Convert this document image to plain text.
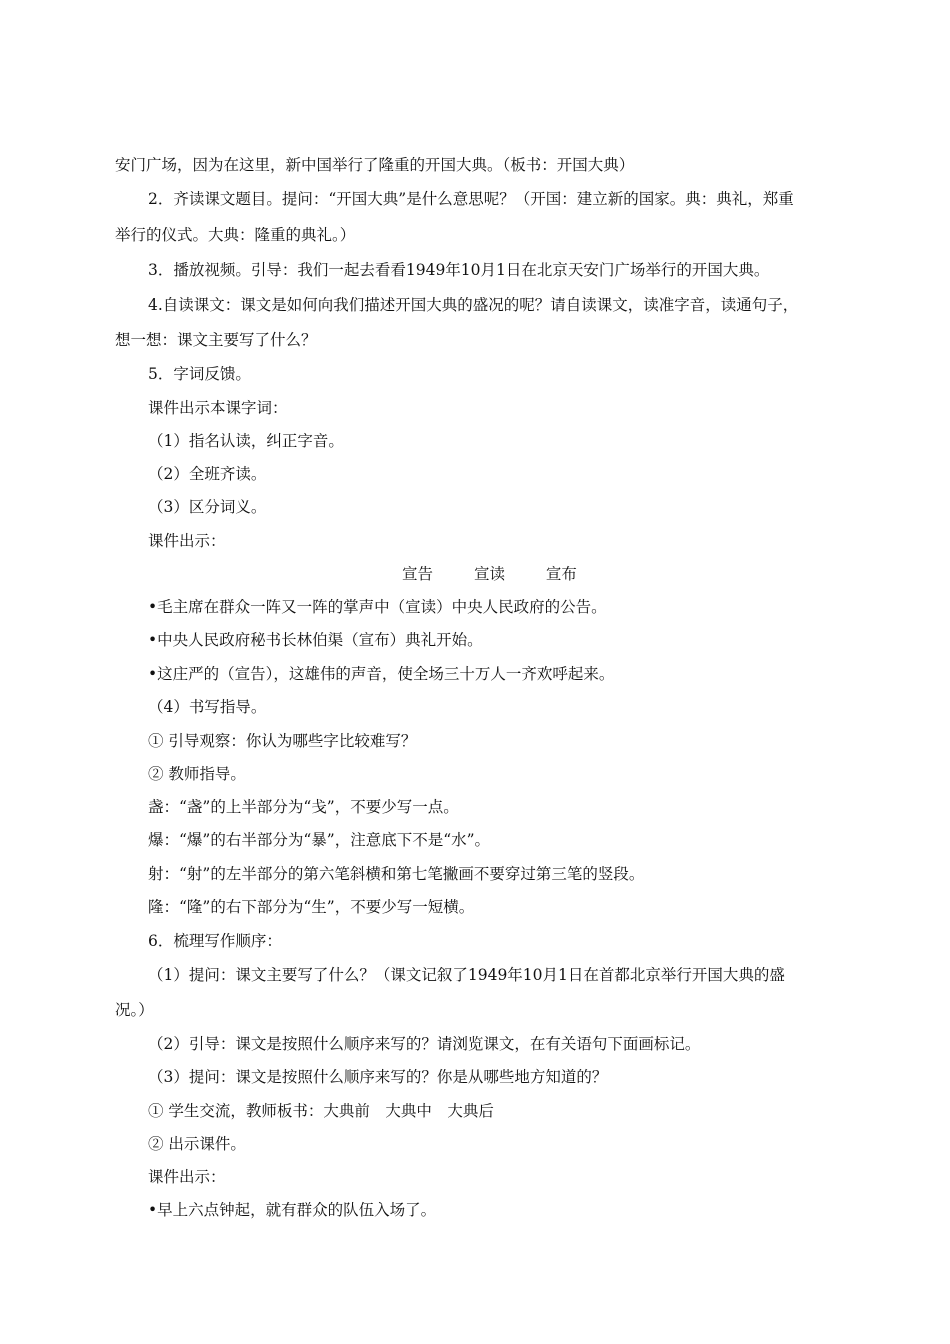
安门广场，因为在这里，新中国举行了隆重的开国大典。（板书：开国大典）
2．齐读课文题目。提问：“开国大典”是什么意思呢？（开国：建立新的国家。典：典礼，郑重
举行的仪式。大典：隆重的典礼。）
3．播放视频。引导：我们一起去看看1949年10月1日在北京天安门广场举行的开国大典。
4.自读课文：课文是如何向我们描述开国大典的盛况的呢？请自读课文，读准字音，读通句子，
想一想：课文主要写了什么？
5．字词反馈。
课件出示本课字词：
（1）指名认读，纠正字音。
（2）全班齐读。
（3）区分词义。
课件出示：
宣告	宣读	宣布
•毛主席在群众一阵又一阵的掌声中（宣读）中央人民政府的公告。
•中央人民政府秘书长林伯渠（宣布）典礼开始。
•这庄严的（宣告），这雄伟的声音，使全场三十万人一齐欢呼起来。
（4）书写指导。
① 引导观察：你认为哪些字比较难写？
② 教师指导。
盏：“盏”的上半部分为“戋”，不要少写一点。
爆：“爆”的右半部分为“暴”，注意底下不是“水”。
射：“射”的左半部分的第六笔斜横和第七笔撇画不要穿过第三笔的竖段。
隆：“隆”的右下部分为“生”，不要少写一短横。
6．梳理写作顺序：
（1）提问：课文主要写了什么？（课文记叙了1949年10月1日在首都北京举行开国大典的盛
况。）
（2）引导：课文是按照什么顺序来写的？请浏览课文，在有关语句下面画标记。
（3）提问：课文是按照什么顺序来写的？你是从哪些地方知道的？
① 学生交流，教师板书：大典前　大典中　大典后
② 出示课件。
课件出示：
•早上六点钟起，就有群众的队伍入场了。
